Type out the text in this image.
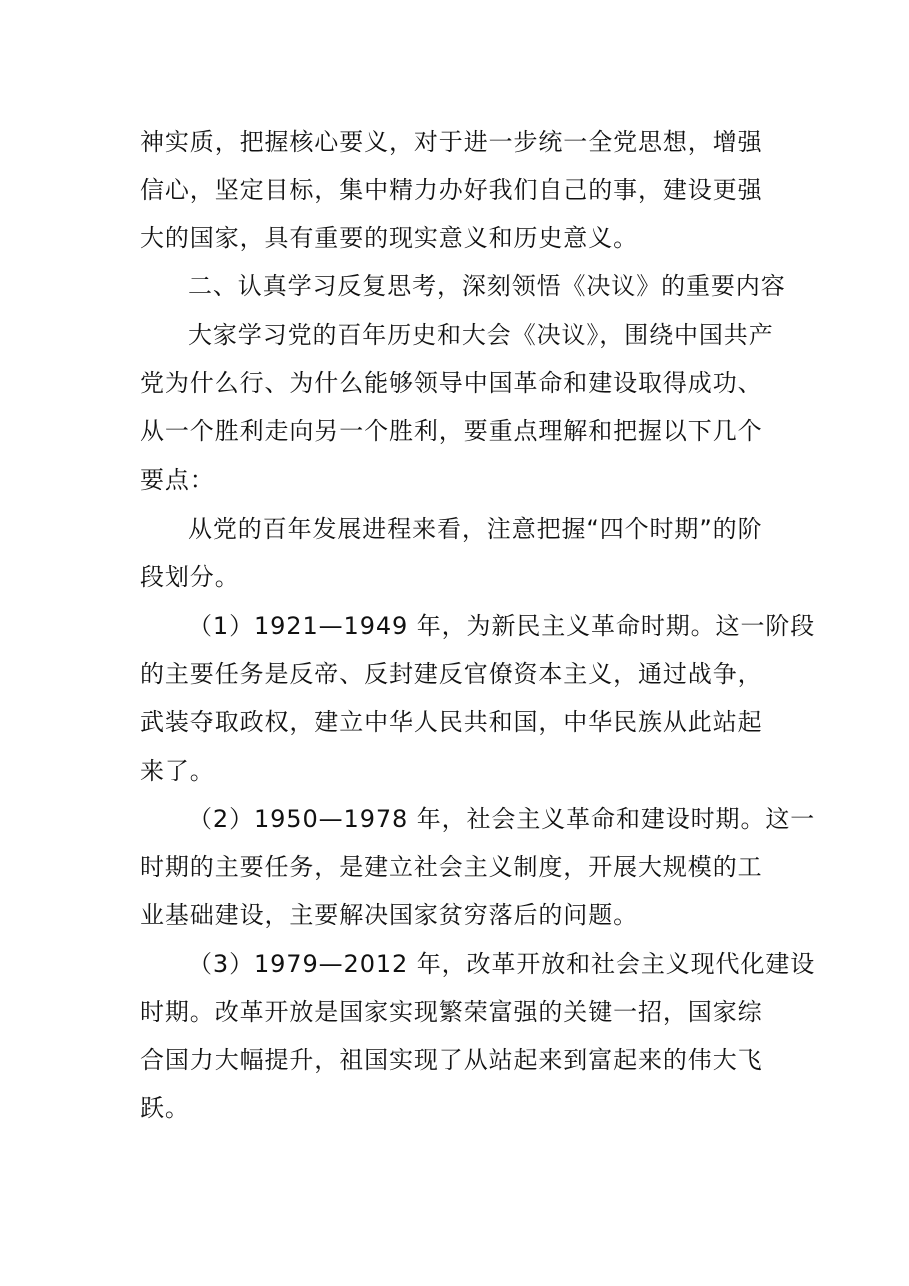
神实质，把握核心要义，对于进一步统一全党思想，增强
信心，坚定目标，集中精力办好我们自己的事，建设更强
大的国家，具有重要的现实意义和历史意义。
二、认真学习反复思考，深刻领悟《决议》的重要内容
大家学习党的百年历史和大会《决议》，围绕中国共产
党为什么行、为什么能够领导中国革命和建设取得成功、
从一个胜利走向另一个胜利，要重点理解和把握以下几个
要点：
从党的百年发展进程来看，注意把握“四个时期”的阶
段划分。
（1）1921—1949 年，为新民主义革命时期。这一阶段
的主要任务是反帝、反封建反官僚资本主义，通过战争，
武装夺取政权，建立中华人民共和国，中华民族从此站起
来了。
（2）1950—1978 年，社会主义革命和建设时期。这一
时期的主要任务，是建立社会主义制度，开展大规模的工
业基础建设，主要解决国家贫穷落后的问题。
（3）1979—2012 年，改革开放和社会主义现代化建设
时期。改革开放是国家实现繁荣富强的关键一招，国家综
合国力大幅提升，祖国实现了从站起来到富起来的伟大飞
跃。
